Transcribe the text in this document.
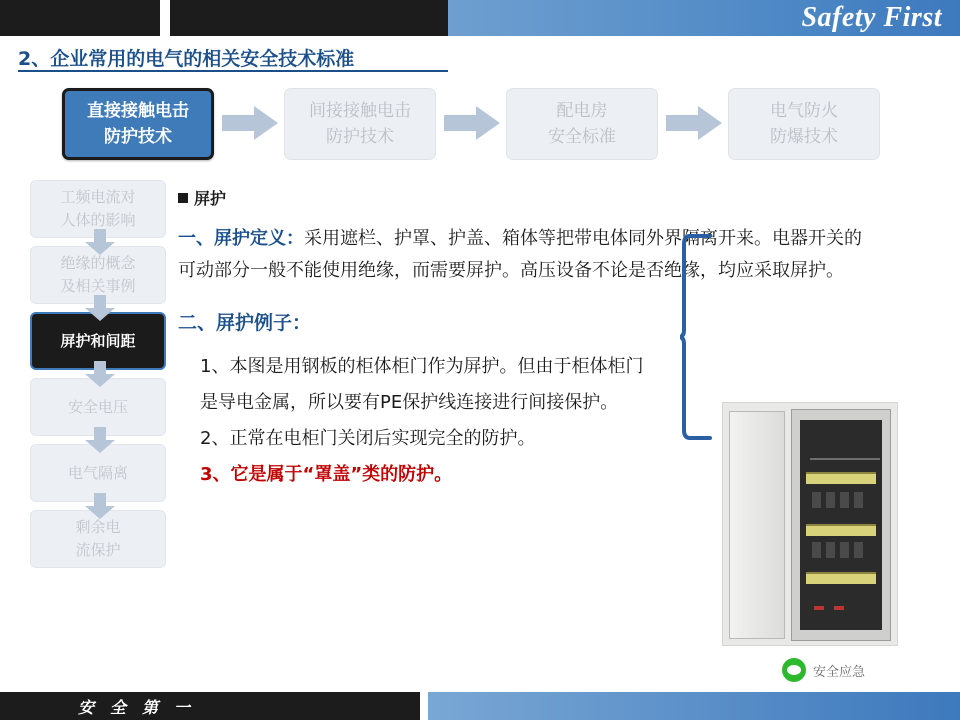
Safety First
2、企业常用的电气的相关安全技术标准
直接接触电击
防护技术
间接接触电击
防护技术
配电房
安全标准
电气防火
防爆技术
工频电流对
人体的影响
绝缘的概念
及相关事例
屏护和间距
安全电压
电气隔离
剩余电
流保护
屏护
一、屏护定义：采用遮栏、护罩、护盖、箱体等把带电体同外界隔离开来。电器开关的可动部分一般不能使用绝缘，而需要屏护。高压设备不论是否绝缘，均应采取屏护。
二、屏护例子：
1、本图是用钢板的柜体柜门作为屏护。但由于柜体柜门是导电金属，所以要有PE保护线连接进行间接保护。
2、正常在电柜门关闭后实现完全的防护。
3、它是属于“罩盖”类的防护。
安 全 第 一
安全应急
